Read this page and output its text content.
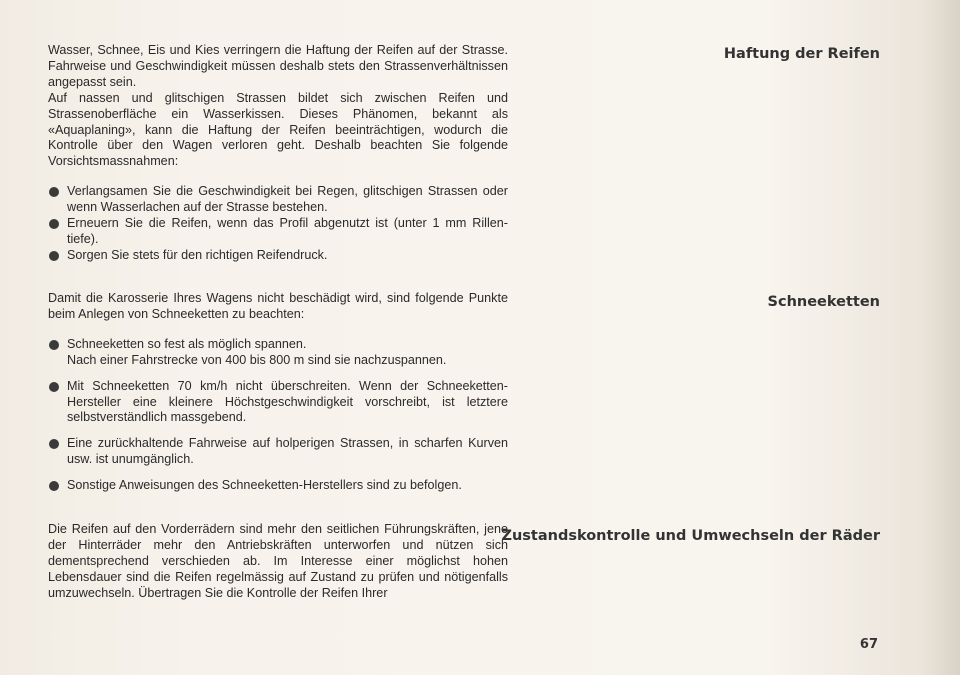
Wasser, Schnee, Eis und Kies verringern die Haftung der Reifen auf der Strasse. Fahrweise und Geschwindigkeit müssen deshalb stets den Strassenverhältnissen angepasst sein.

Auf nassen und glitschigen Strassen bildet sich zwischen Reifen und Strassenoberfläche ein Wasserkissen. Dieses Phänomen, bekannt als «Aquaplaning», kann die Haftung der Reifen beeinträchtigen, wodurch die Kontrolle über den Wagen verloren geht. Deshalb beachten Sie folgende Vorsichtsmassnahmen:

Verlangsamen Sie die Geschwindigkeit bei Regen, glitschigen Strassen oder wenn Wasserlachen auf der Strasse bestehen.

Erneuern Sie die Reifen, wenn das Profil abgenutzt ist (unter 1 mm Rillen-tiefe).

Sorgen Sie stets für den richtigen Reifendruck.

Haftung der Reifen

Damit die Karosserie Ihres Wagens nicht beschädigt wird, sind folgende Punkte beim Anlegen von Schneeketten zu beachten:

Schneeketten so fest als möglich spannen.
Nach einer Fahrstrecke von 400 bis 800 m sind sie nachzuspannen.

Mit Schneeketten 70 km/h nicht überschreiten. Wenn der Schneeketten-Hersteller eine kleinere Höchstgeschwindigkeit vorschreibt, ist letztere selbstverständlich massgebend.

Eine zurückhaltende Fahrweise auf holperigen Strassen, in scharfen Kurven usw. ist unumgänglich.

Sonstige Anweisungen des Schneeketten-Herstellers sind zu befolgen.

Schneeketten

Die Reifen auf den Vorderrädern sind mehr den seitlichen Führungskräften, jene der Hinterräder mehr den Antriebskräften unterworfen und nützen sich dementsprechend verschieden ab. Im Interesse einer möglichst hohen Lebensdauer sind die Reifen regelmässig auf Zustand zu prüfen und nötigenfalls umzuwechseln. Übertragen Sie die Kontrolle der Reifen Ihrer

Zustandskontrolle und Umwechseln der Räder
67
